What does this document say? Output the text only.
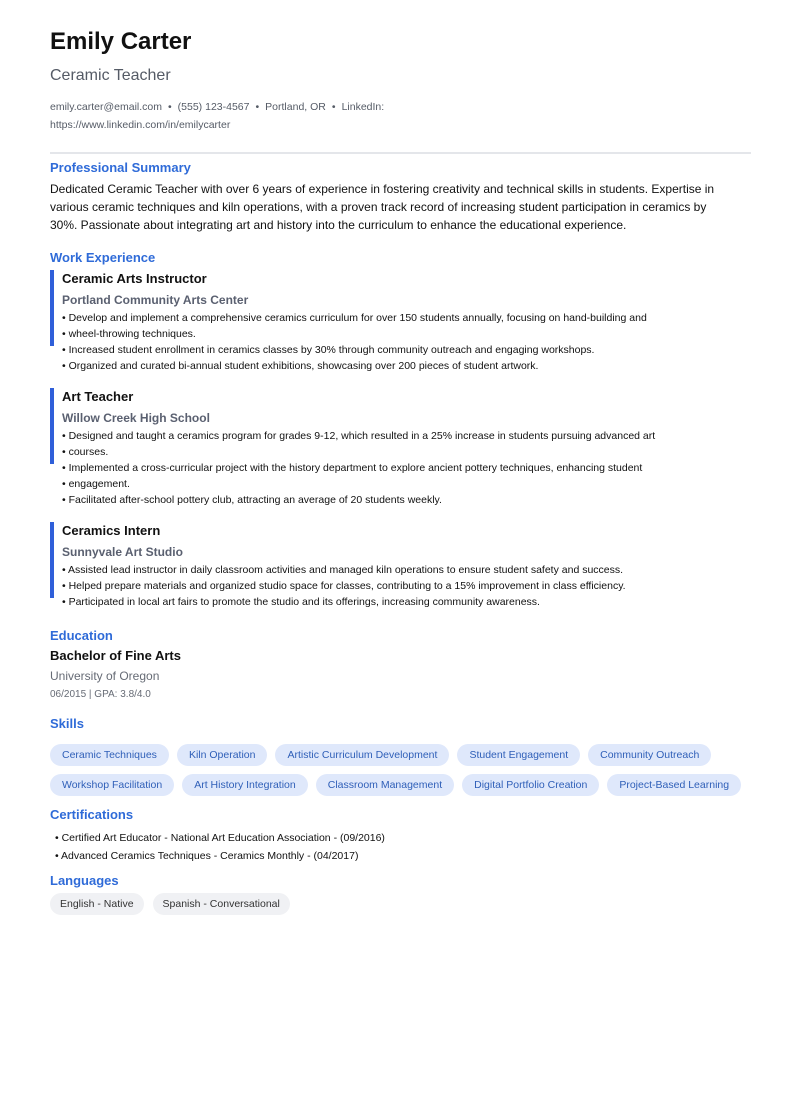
Emily Carter
Ceramic Teacher
emily.carter@email.com • (555) 123-4567 • Portland, OR • LinkedIn: https://www.linkedin.com/in/emilycarter
Professional Summary
Dedicated Ceramic Teacher with over 6 years of experience in fostering creativity and technical skills in students. Expertise in various ceramic techniques and kiln operations, with a proven track record of increasing student participation in ceramics by 30%. Passionate about integrating art and history into the curriculum to enhance the educational experience.
Work Experience
Ceramic Arts Instructor
Portland Community Arts Center
• Develop and implement a comprehensive ceramics curriculum for over 150 students annually, focusing on hand-building and
• wheel-throwing techniques.
• Increased student enrollment in ceramics classes by 30% through community outreach and engaging workshops.
• Organized and curated bi-annual student exhibitions, showcasing over 200 pieces of student artwork.
Art Teacher
Willow Creek High School
• Designed and taught a ceramics program for grades 9-12, which resulted in a 25% increase in students pursuing advanced art
• courses.
• Implemented a cross-curricular project with the history department to explore ancient pottery techniques, enhancing student
• engagement.
• Facilitated after-school pottery club, attracting an average of 20 students weekly.
Ceramics Intern
Sunnyvale Art Studio
• Assisted lead instructor in daily classroom activities and managed kiln operations to ensure student safety and success.
• Helped prepare materials and organized studio space for classes, contributing to a 15% improvement in class efficiency.
• Participated in local art fairs to promote the studio and its offerings, increasing community awareness.
Education
Bachelor of Fine Arts
University of Oregon
06/2015 | GPA: 3.8/4.0
Skills
Ceramic Techniques	Kiln Operation	Artistic Curriculum Development	Student Engagement	Community Outreach
Workshop Facilitation	Art History Integration	Classroom Management	Digital Portfolio Creation	Project-Based Learning
Certifications
• Certified Art Educator - National Art Education Association - (09/2016)
• Advanced Ceramics Techniques - Ceramics Monthly - (04/2017)
Languages
English - Native	Spanish - Conversational
